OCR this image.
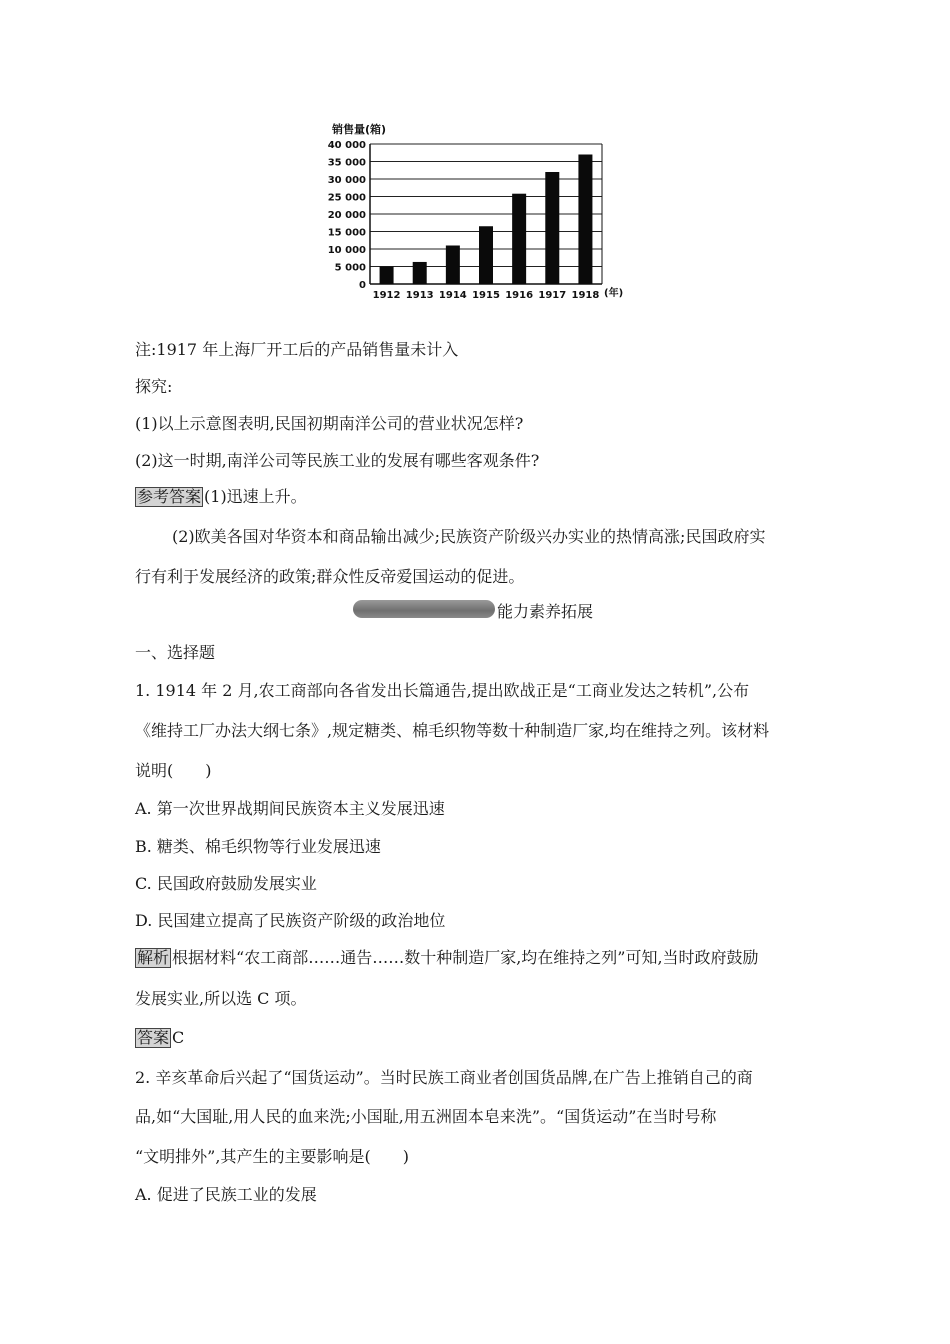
销售量(箱)
0
5 000
10 000
15 000
20 000
25 000
30 000
35 000
40 000
1912 1913 1914 1915 1916 1917 1918 (年)
注:1917 年上海厂开工后的产品销售量未计入
探究:
(1)以上示意图表明,民国初期南洋公司的营业状况怎样?
(2)这一时期,南洋公司等民族工业的发展有哪些客观条件?
参考答案 (1)迅速上升。
(2)欧美各国对华资本和商品输出减少;民族资产阶级兴办实业的热情高涨;民国政府实
行有利于发展经济的政策;群众性反帝爱国运动的促进。
能力素养拓展
一、选择题
1. 1914 年 2 月,农工商部向各省发出长篇通告,提出欧战正是“工商业发达之转机”,公布
《维持工厂办法大纲七条》,规定糖类、棉毛织物等数十种制造厂家,均在维持之列。该材料
说明(　　)
A. 第一次世界战期间民族资本主义发展迅速
B. 糖类、棉毛织物等行业发展迅速
C. 民国政府鼓励发展实业
D. 民国建立提高了民族资产阶级的政治地位
解析 根据材料“农工商部……通告……数十种制造厂家,均在维持之列”可知,当时政府鼓励
发展实业,所以选 C 项。
答案 C
2. 辛亥革命后兴起了“国货运动”。当时民族工商业者创国货品牌,在广告上推销自己的商
品,如“大国耻,用人民的血来洗;小国耻,用五洲固本皂来洗”。“国货运动”在当时号称
“文明排外”,其产生的主要影响是(　　)
A. 促进了民族工业的发展
